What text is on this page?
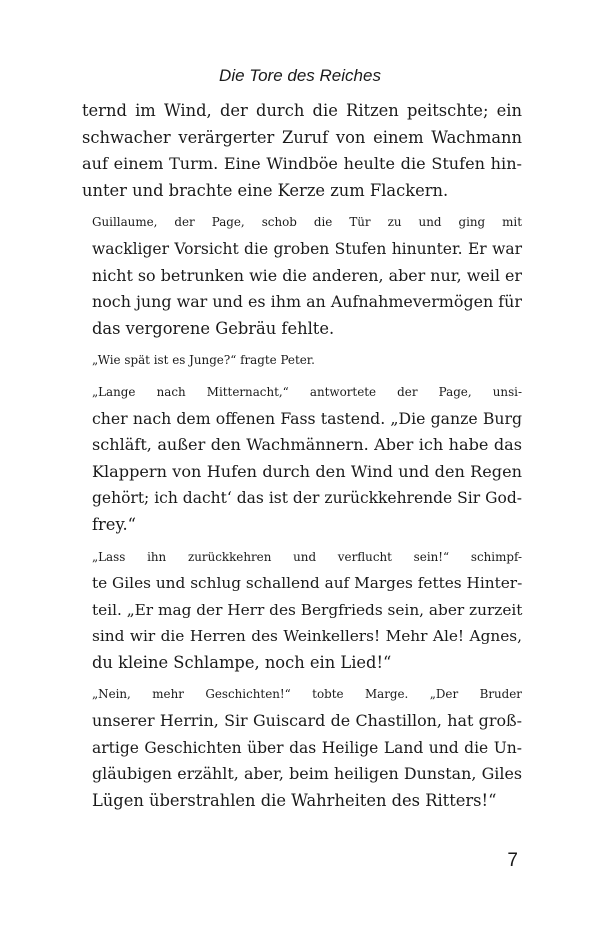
Die Tore des Reiches
ternd im Wind, der durch die Ritzen peitschte; ein
schwacher verärgerter Zuruf von einem Wachmann
auf einem Turm. Eine Windböe heulte die Stufen hin-
unter und brachte eine Kerze zum Flackern.
Guillaume, der Page, schob die Tür zu und ging mit
wackliger Vorsicht die groben Stufen hinunter. Er war
nicht so betrunken wie die anderen, aber nur, weil er
noch jung war und es ihm an Aufnahmevermögen für
das vergorene Gebräu fehlte.
„Wie spät ist es Junge?“ fragte Peter.
„Lange nach Mitternacht,“ antwortete der Page, unsi-
cher nach dem offenen Fass tastend. „Die ganze Burg
schläft, außer den Wachmännern. Aber ich habe das
Klappern von Hufen durch den Wind und den Regen
gehört; ich dacht‘ das ist der zurückkehrende Sir God-
frey.“
„Lass ihn zurückkehren und verflucht sein!“ schimpf-
te Giles und schlug schallend auf Marges fettes Hinter-
teil. „Er mag der Herr des Bergfrieds sein, aber zurzeit
sind wir die Herren des Weinkellers! Mehr Ale! Agnes,
du kleine Schlampe, noch ein Lied!“
„Nein, mehr Geschichten!“ tobte Marge. „Der Bruder
unserer Herrin, Sir Guiscard de Chastillon, hat groß-
artige Geschichten über das Heilige Land und die Un-
gläubigen erzählt, aber, beim heiligen Dunstan, Giles
Lügen überstrahlen die Wahrheiten des Ritters!“
7
